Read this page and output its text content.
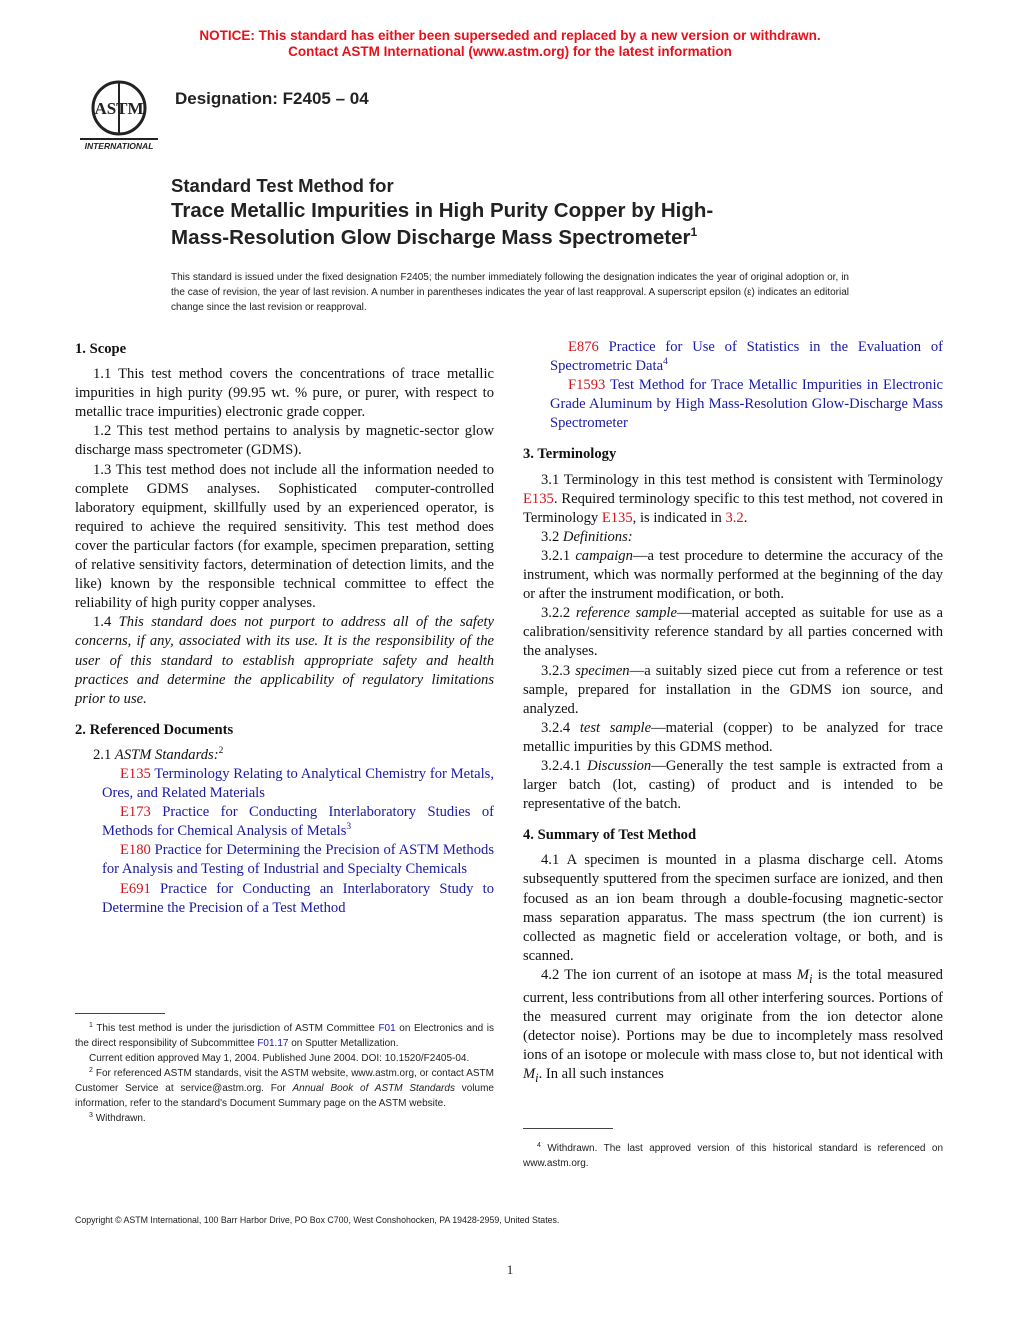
NOTICE: This standard has either been superseded and replaced by a new version or withdrawn.
Contact ASTM International (www.astm.org) for the latest information
ASTM
INTERNATIONAL
Designation: F2405 – 04
Standard Test Method for
Trace Metallic Impurities in High Purity Copper by High-
Mass-Resolution Glow Discharge Mass Spectrometer$^1$
This standard is issued under the fixed designation F2405; the number immediately following the designation indicates the year of original adoption or, in the case of revision, the year of last revision. A number in parentheses indicates the year of last reapproval. A superscript epsilon (ε) indicates an editorial change since the last revision or reapproval.
1. Scope

1.1 This test method covers the concentrations of trace metallic impurities in high purity (99.95 wt. % pure, or purer, with respect to metallic trace impurities) electronic grade copper.

1.2 This test method pertains to analysis by magnetic-sector glow discharge mass spectrometer (GDMS).

1.3 This test method does not include all the information needed to complete GDMS analyses. Sophisticated computer-controlled laboratory equipment, skillfully used by an experienced operator, is required to achieve the required sensitivity. This test method does cover the particular factors (for example, specimen preparation, setting of relative sensitivity factors, determination of detection limits, and the like) known by the responsible technical committee to effect the reliability of high purity copper analyses.

1.4 This standard does not purport to address all of the safety concerns, if any, associated with its use. It is the responsibility of the user of this standard to establish appropriate safety and health practices and determine the applicability of regulatory limitations prior to use.

2. Referenced Documents

2.1 ASTM Standards:$^2$

E135 Terminology Relating to Analytical Chemistry for Metals, Ores, and Related Materials

E173 Practice for Conducting Interlaboratory Studies of Methods for Chemical Analysis of Metals$^3$

E180 Practice for Determining the Precision of ASTM Methods for Analysis and Testing of Industrial and Specialty Chemicals

E691 Practice for Conducting an Interlaboratory Study to Determine the Precision of a Test Method

E876 Practice for Use of Statistics in the Evaluation of Spectrometric Data$^4$

F1593 Test Method for Trace Metallic Impurities in Electronic Grade Aluminum by High Mass-Resolution Glow-Discharge Mass Spectrometer

3. Terminology

3.1 Terminology in this test method is consistent with Terminology E135. Required terminology specific to this test method, not covered in Terminology E135, is indicated in 3.2.

3.2 Definitions:

3.2.1 campaign—a test procedure to determine the accuracy of the instrument, which was normally performed at the beginning of the day or after the instrument modification, or both.

3.2.2 reference sample—material accepted as suitable for use as a calibration/sensitivity reference standard by all parties concerned with the analyses.

3.2.3 specimen—a suitably sized piece cut from a reference or test sample, prepared for installation in the GDMS ion source, and analyzed.

3.2.4 test sample—material (copper) to be analyzed for trace metallic impurities by this GDMS method.

3.2.4.1 Discussion—Generally the test sample is extracted from a larger batch (lot, casting) of product and is intended to be representative of the batch.

4. Summary of Test Method

4.1 A specimen is mounted in a plasma discharge cell. Atoms subsequently sputtered from the specimen surface are ionized, and then focused as an ion beam through a double-focusing magnetic-sector mass separation apparatus. The mass spectrum (the ion current) is collected as magnetic field or acceleration voltage, or both, and is scanned.

4.2 The ion current of an isotope at mass $M_i$ is the total measured current, less contributions from all other interfering sources. Portions of the measured current may originate from the ion detector alone (detector noise). Portions may be due to incompletely mass resolved ions of an isotope or molecule with mass close to, but not identical with $M_i$. In all such instances

$^1$ This test method is under the jurisdiction of ASTM Committee F01 on Electronics and is the direct responsibility of Subcommittee F01.17 on Sputter Metallization.

Current edition approved May 1, 2004. Published June 2004. DOI: 10.1520/F2405-04.

$^2$ For referenced ASTM standards, visit the ASTM website, www.astm.org, or contact ASTM Customer Service at service@astm.org. For Annual Book of ASTM Standards volume information, refer to the standard's Document Summary page on the ASTM website.

$^3$ Withdrawn.

$^4$ Withdrawn. The last approved version of this historical standard is referenced on www.astm.org.

Copyright © ASTM International, 100 Barr Harbor Drive, PO Box C700, West Conshohocken, PA 19428-2959, United States.
1
